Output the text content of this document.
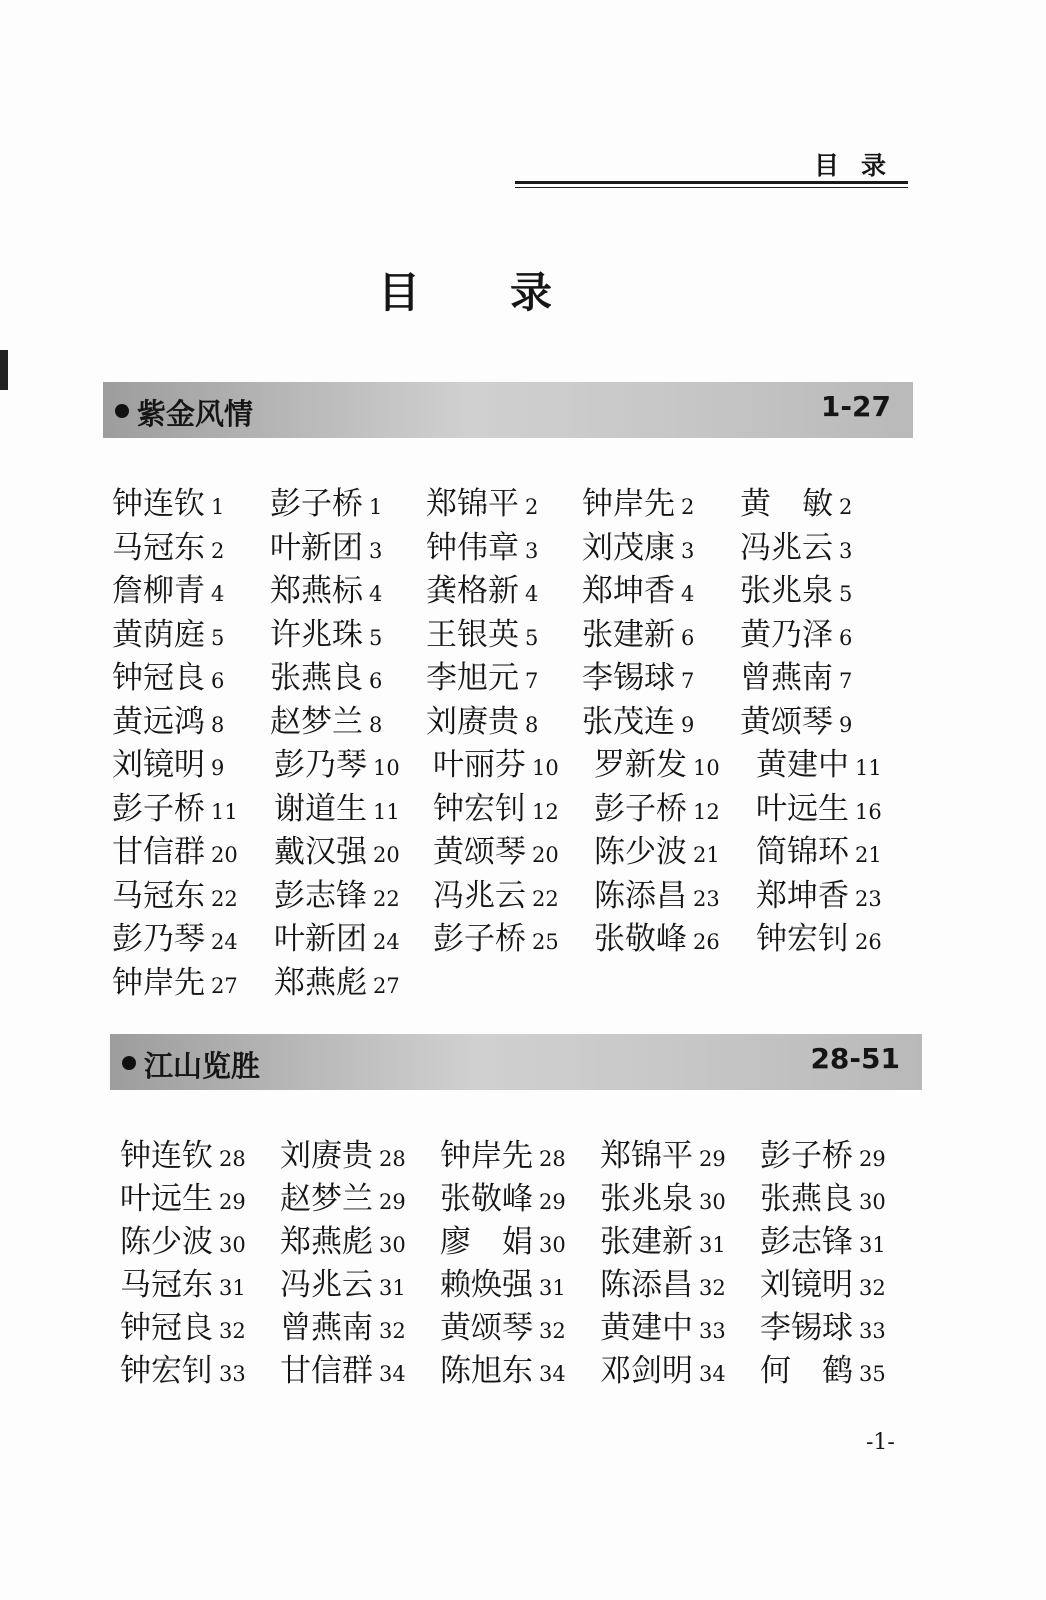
目录
目录
紫金风情	1-27
钟连钦 1 彭子桥 1 郑锦平 2 钟岸先 2 黄　敏 2
马冠东 2 叶新团 3 钟伟章 3 刘茂康 3 冯兆云 3
詹柳青 4 郑燕标 4 龚格新 4 郑坤香 4 张兆泉 5
黄荫庭 5 许兆珠 5 王银英 5 张建新 6 黄乃泽 6
钟冠良 6 张燕良 6 李旭元 7 李锡球 7 曾燕南 7
黄远鸿 8 赵梦兰 8 刘赓贵 8 张茂连 9 黄颂琴 9
刘镜明 9 彭乃琴 10 叶丽芬 10 罗新发 10 黄建中 11
彭子桥 11 谢道生 11 钟宏钊 12 彭子桥 12 叶远生 16
甘信群 20 戴汉强 20 黄颂琴 20 陈少波 21 简锦环 21
马冠东 22 彭志锋 22 冯兆云 22 陈添昌 23 郑坤香 23
彭乃琴 24 叶新团 24 彭子桥 25 张敬峰 26 钟宏钊 26
钟岸先 27 郑燕彪 27
江山览胜	28-51
钟连钦 28 刘赓贵 28 钟岸先 28 郑锦平 29 彭子桥 29
叶远生 29 赵梦兰 29 张敬峰 29 张兆泉 30 张燕良 30
陈少波 30 郑燕彪 30 廖　娟 30 张建新 31 彭志锋 31
马冠东 31 冯兆云 31 赖焕强 31 陈添昌 32 刘镜明 32
钟冠良 32 曾燕南 32 黄颂琴 32 黄建中 33 李锡球 33
钟宏钊 33 甘信群 34 陈旭东 34 邓剑明 34 何　鹤 35
-1-
